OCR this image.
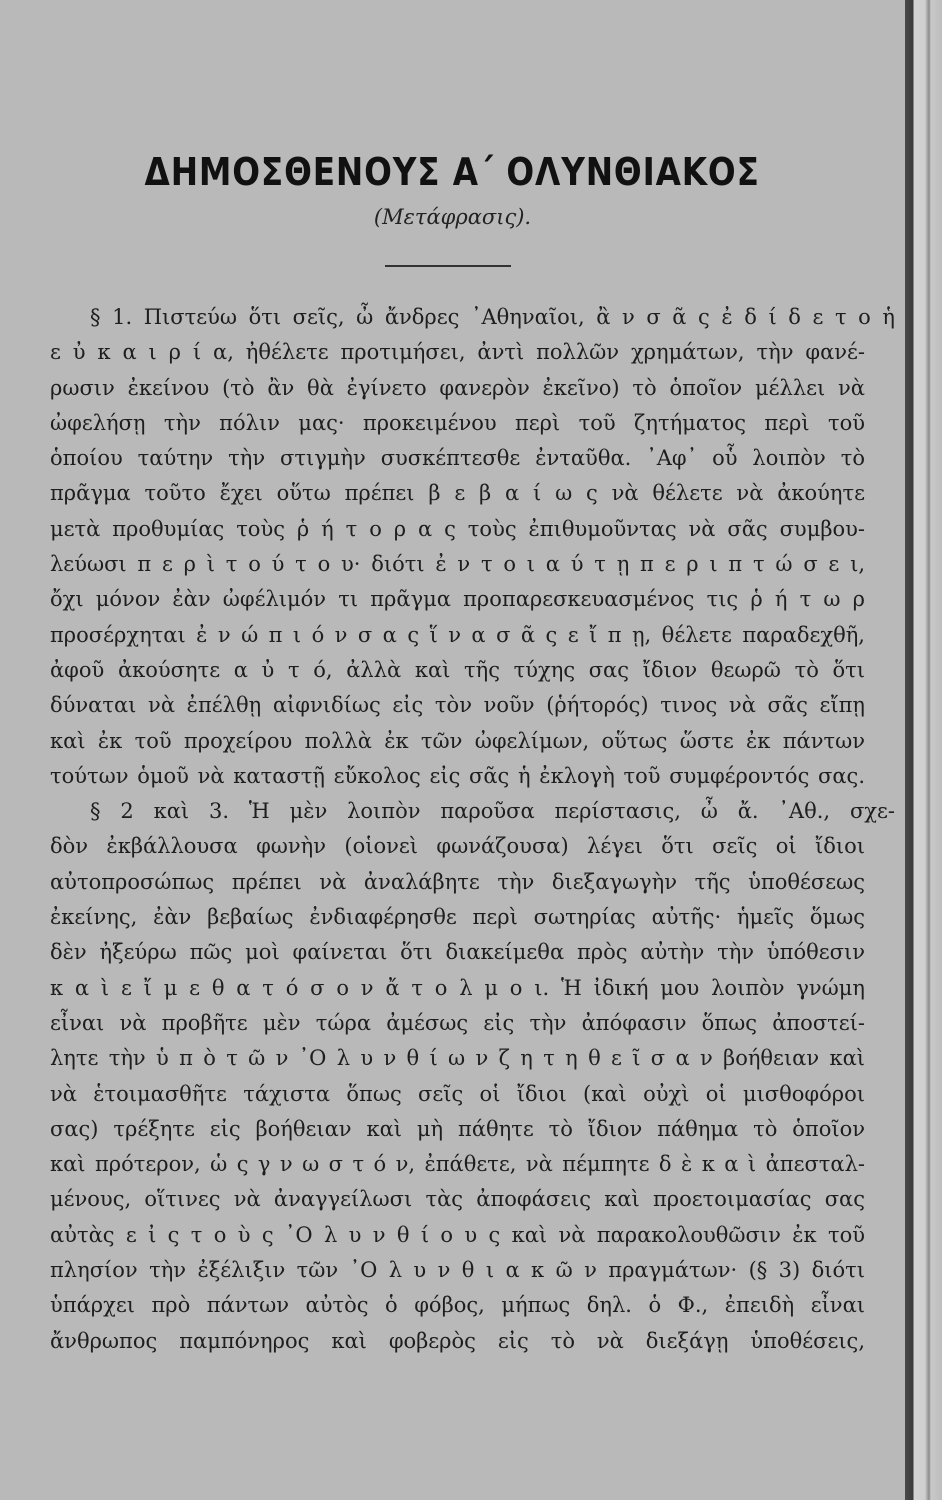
ΔΗΜΟΣΘΕΝΟΥΣ Α΄ ΟΛΥΝΘΙΑΚΟΣ
(Μετάφρασις).
§ 1. Πιστεύω ὅτι σεῖς, ὦ ἄνδρες ᾿Αθηναῖοι, ἂ ν σ ᾶ ς ἐ δ ί δ ε τ ο ἡ
ε ὐ κ α ι ρ ί α, ἠθέλετε προτιμήσει, ἀντὶ πολλῶν χρημάτων, τὴν φανέ-
ρωσιν ἐκείνου (τὸ ἂν θὰ ἐγίνετο φανερὸν ἐκεῖνο) τὸ ὁποῖον μέλλει νὰ
ὠφελήσῃ τὴν πόλιν μας· προκειμένου περὶ τοῦ ζητήματος περὶ τοῦ
ὁποίου ταύτην τὴν στιγμὴν συσκέπτεσθε ἐνταῦθα. ᾿Αφ᾿ οὗ λοιπὸν τὸ
πρᾶγμα τοῦτο ἔχει οὕτω πρέπει β ε β α ί ω ς νὰ θέλετε νὰ ἀκούητε
μετὰ προθυμίας τοὺς ῥ ή τ ο ρ α ς τοὺς ἐπιθυμοῦντας νὰ σᾶς συμβου-
λεύωσι π ε ρ ὶ τ ο ύ τ ο υ· διότι ἐ ν τ ο ι α ύ τ ῃ π ε ρ ι π τ ώ σ ε ι,
ὄχι μόνον ἐὰν ὠφέλιμόν τι πρᾶγμα προπαρεσκευασμένος τις ῥ ή τ ω ρ
προσέρχηται ἐ ν ώ π ι ό ν σ α ς ἵ ν α σ ᾶ ς ε ἴ π ῃ, θέλετε παραδεχθῆ,
ἀφοῦ ἀκούσητε α ὐ τ ό, ἀλλὰ καὶ τῆς τύχης σας ἴδιον θεωρῶ τὸ ὅτι
δύναται νὰ ἐπέλθῃ αἰφνιδίως εἰς τὸν νοῦν (ῥήτορός) τινος νὰ σᾶς εἴπῃ
καὶ ἐκ τοῦ προχείρου πολλὰ ἐκ τῶν ὠφελίμων, οὕτως ὥστε ἐκ πάντων
τούτων ὁμοῦ νὰ καταστῇ εὔκολος εἰς σᾶς ἡ ἐκλογὴ τοῦ συμφέροντός σας.
§ 2 καὶ 3. Ἡ μὲν λοιπὸν παροῦσα περίστασις, ὦ ἄ. ᾿Αθ., σχε-
δὸν ἐκβάλλουσα φωνὴν (οἱονεὶ φωνάζουσα) λέγει ὅτι σεῖς οἱ ἴδιοι
αὐτοπροσώπως πρέπει νὰ ἀναλάβητε τὴν διεξαγωγὴν τῆς ὑποθέσεως
ἐκείνης, ἐὰν βεβαίως ἐνδιαφέρησθε περὶ σωτηρίας αὐτῆς· ἡμεῖς ὅμως
δὲν ἠξεύρω πῶς μοὶ φαίνεται ὅτι διακείμεθα πρὸς αὐτὴν τὴν ὑπόθεσιν
κ α ὶ ε ἴ μ ε θ α τ ό σ ο ν ἄ τ ο λ μ ο ι. Ἡ ἰδική μου λοιπὸν γνώμη
εἶναι νὰ προβῆτε μὲν τώρα ἀμέσως εἰς τὴν ἀπόφασιν ὅπως ἀποστεί-
λητε τὴν ὑ π ὸ τ ῶ ν ᾿Ο λ υ ν θ ί ω ν ζ η τ η θ ε ῖ σ α ν βοήθειαν καὶ
νὰ ἑτοιμασθῆτε τάχιστα ὅπως σεῖς οἱ ἴδιοι (καὶ οὐχὶ οἱ μισθοφόροι
σας) τρέξητε εἰς βοήθειαν καὶ μὴ πάθητε τὸ ἴδιον πάθημα τὸ ὁποῖον
καὶ πρότερον, ὡ ς γ ν ω σ τ ό ν, ἐπάθετε, νὰ πέμπητε δ ὲ κ α ὶ ἀπεσταλ-
μένους, οἵτινες νὰ ἀναγγείλωσι τὰς ἀποφάσεις καὶ προετοιμασίας σας
αὐτὰς ε ἰ ς τ ο ὺ ς ᾿Ο λ υ ν θ ί ο υ ς καὶ νὰ παρακολουθῶσιν ἐκ τοῦ
πλησίον τὴν ἐξέλιξιν τῶν ᾿Ο λ υ ν θ ι α κ ῶ ν πραγμάτων· (§ 3) διότι
ὑπάρχει πρὸ πάντων αὐτὸς ὁ φόβος, μήπως δηλ. ὁ Φ., ἐπειδὴ εἶναι
ἄνθρωπος παμπόνηρος καὶ φοβερὸς εἰς τὸ νὰ διεξάγῃ ὑποθέσεις,
